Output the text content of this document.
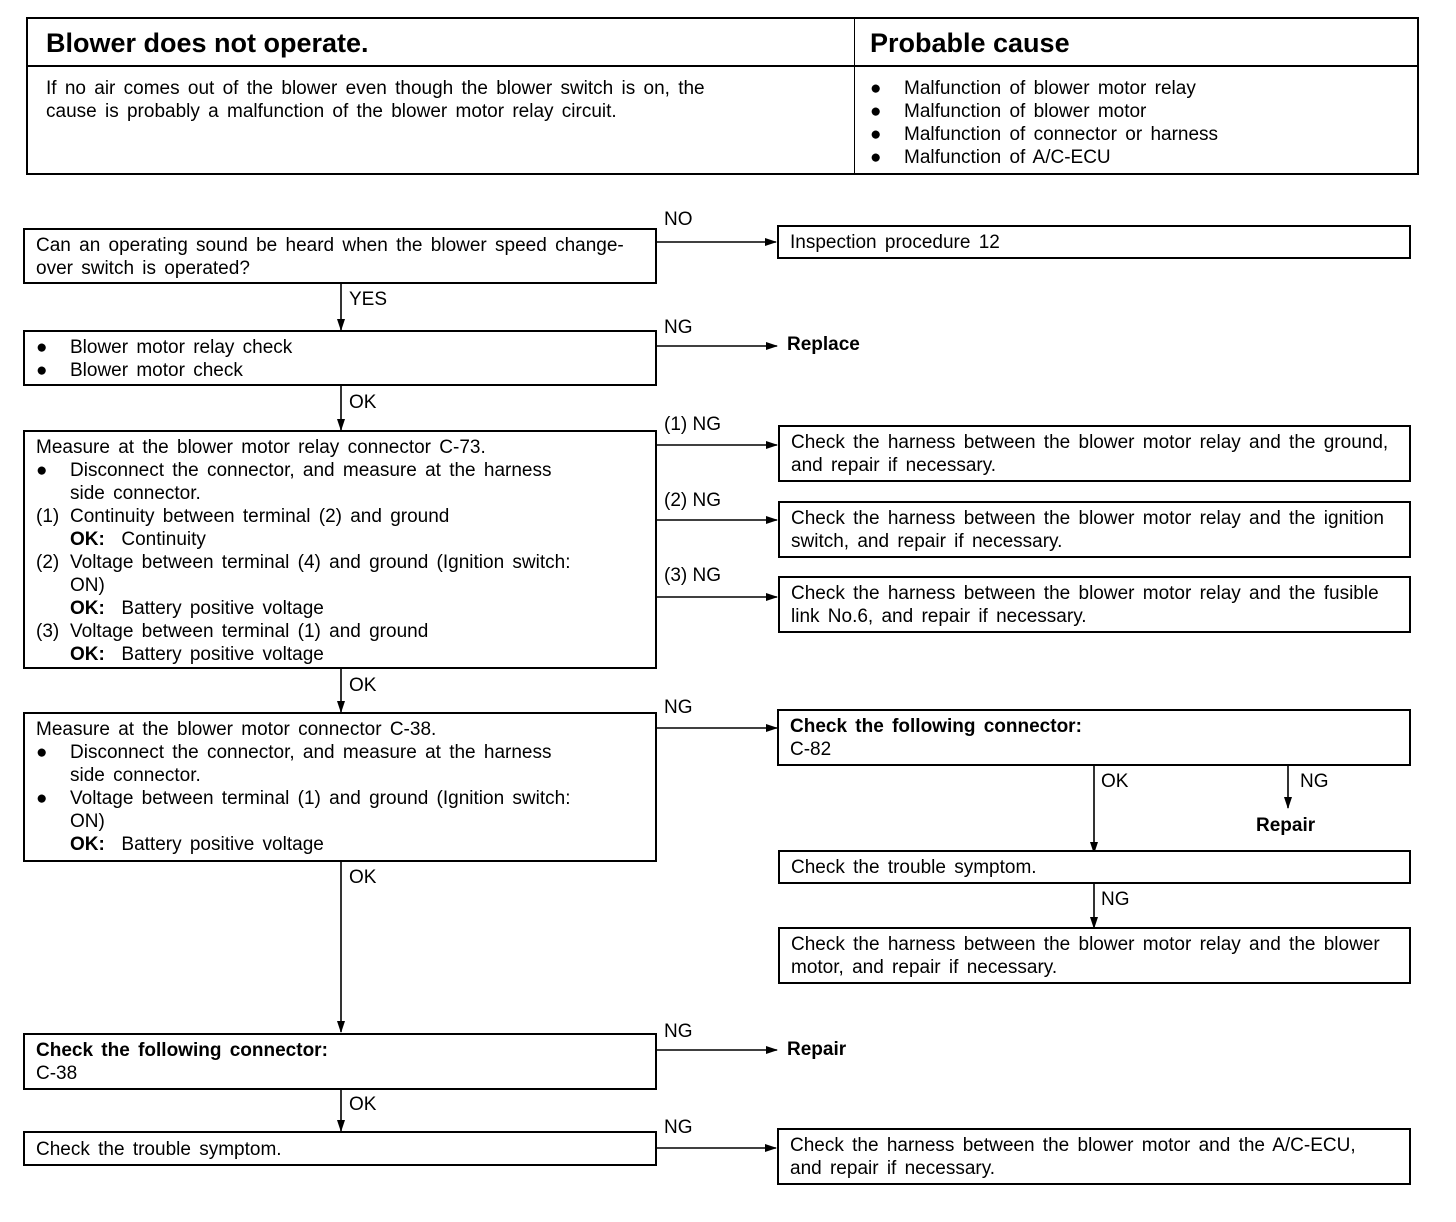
Blower does not operate.	Probable cause
If no air comes out of the blower even though the blower switch is on, the
cause is probably a malfunction of the blower motor relay circuit.
● Malfunction of blower motor relay
● Malfunction of blower motor
● Malfunction of connector or harness
● Malfunction of A/C-ECU
Can an operating sound be heard when the blower speed change-
over switch is operated?
NO
YES
Inspection procedure 12
● Blower motor relay check
● Blower motor check
NG
Replace
OK
Measure at the blower motor relay connector C-73.
● Disconnect the connector, and measure at the harness
side connector.
(1) Continuity between terminal (2) and ground
OK: Continuity
(2) Voltage between terminal (4) and ground (Ignition switch:
ON)
OK: Battery positive voltage
(3) Voltage between terminal (1) and ground
OK: Battery positive voltage
(1) NG
(2) NG
(3) NG
Check the harness between the blower motor relay and the ground,
and repair if necessary.
Check the harness between the blower motor relay and the ignition
switch, and repair if necessary.
Check the harness between the blower motor relay and the fusible
link No.6, and repair if necessary.
OK
Measure at the blower motor connector C-38.
● Disconnect the connector, and measure at the harness
side connector.
● Voltage between terminal (1) and ground (Ignition switch:
ON)
OK: Battery positive voltage
NG
OK
Check the following connector:
C-82
OK	NG
Repair
Check the trouble symptom.
NG
Check the harness between the blower motor relay and the blower
motor, and repair if necessary.
Check the following connector:
C-38
NG
Repair
OK
Check the trouble symptom.
NG
Check the harness between the blower motor and the A/C-ECU,
and repair if necessary.
